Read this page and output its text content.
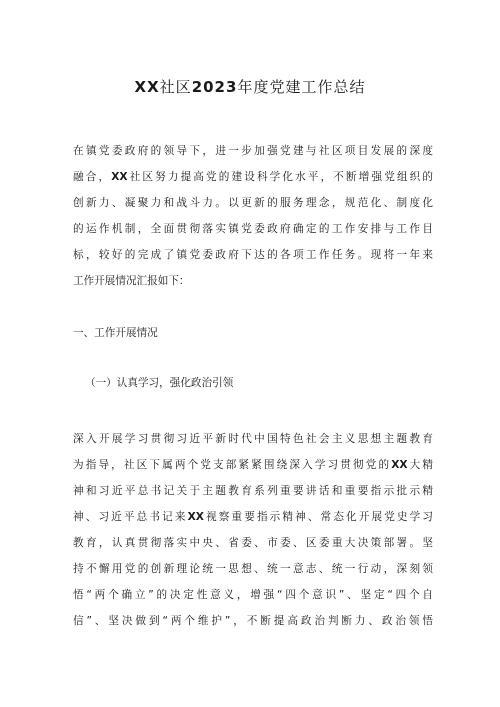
XX社区2023年度党建工作总结
在镇党委政府的领导下，进一步加强党建与社区项目发展的深度
融合，XX社区努力提高党的建设科学化水平，不断增强党组织的
创新力、凝聚力和战斗力。以更新的服务理念，规范化、制度化
的运作机制，全面贯彻落实镇党委政府确定的工作安排与工作目
标，较好的完成了镇党委政府下达的各项工作任务。现将一年来
工作开展情况汇报如下：
一、工作开展情况
（一）认真学习，强化政治引领
深入开展学习贯彻习近平新时代中国特色社会主义思想主题教育
为指导，社区下属两个党支部紧紧围绕深入学习贯彻党的XX大精
神和习近平总书记关于主题教育系列重要讲话和重要指示批示精
神、习近平总书记来XX视察重要指示精神、常态化开展党史学习
教育，认真贯彻落实中央、省委、市委、区委重大决策部署。坚
持不懈用党的创新理论统一思想、统一意志、统一行动，深刻领
悟“两个确立”的决定性意义，增强“四个意识”、坚定“四个自
信”、坚决做到“两个维护”，不断提高政治判断力、政治领悟
